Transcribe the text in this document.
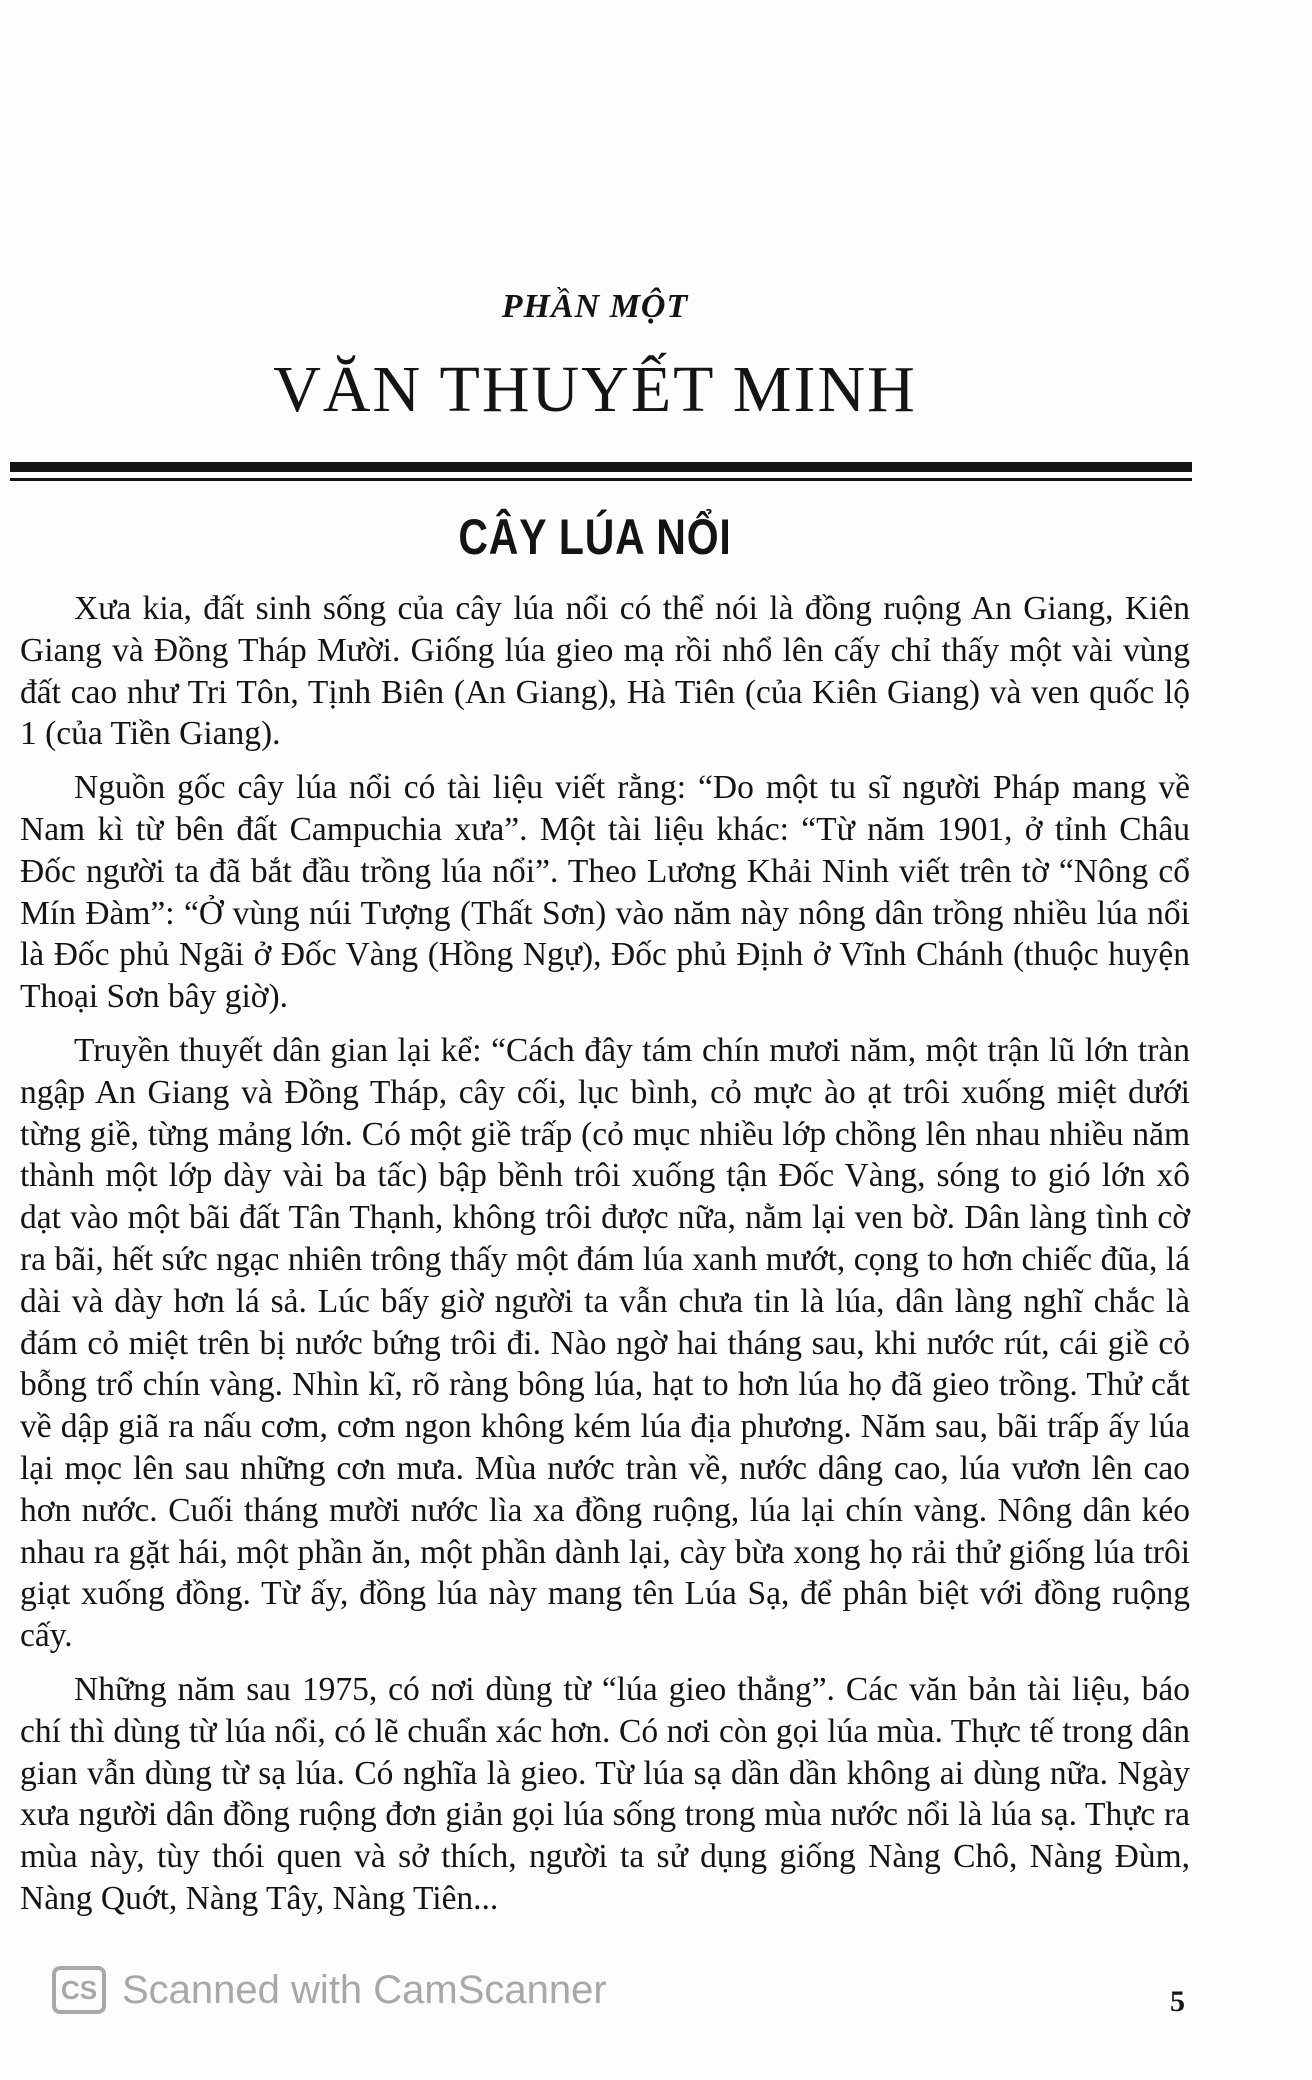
PHẦN MỘT
VĂN THUYẾT MINH
CÂY LÚA NỔI

Xưa kia, đất sinh sống của cây lúa nổi có thể nói là đồng ruộng An Giang, Kiên Giang và Đồng Tháp Mười. Giống lúa gieo mạ rồi nhổ lên cấy chỉ thấy một vài vùng đất cao như Tri Tôn, Tịnh Biên (An Giang), Hà Tiên (của Kiên Giang) và ven quốc lộ 1 (của Tiền Giang).

Nguồn gốc cây lúa nổi có tài liệu viết rằng: “Do một tu sĩ người Pháp mang về Nam kì từ bên đất Campuchia xưa”. Một tài liệu khác: “Từ năm 1901, ở tỉnh Châu Đốc người ta đã bắt đầu trồng lúa nổi”. Theo Lương Khải Ninh viết trên tờ “Nông cổ Mín Đàm”: “Ở vùng núi Tượng (Thất Sơn) vào năm này nông dân trồng nhiều lúa nổi là Đốc phủ Ngãi ở Đốc Vàng (Hồng Ngự), Đốc phủ Định ở Vĩnh Chánh (thuộc huyện Thoại Sơn bây giờ).

Truyền thuyết dân gian lại kể: “Cách đây tám chín mươi năm, một trận lũ lớn tràn ngập An Giang và Đồng Tháp, cây cối, lục bình, cỏ mực ào ạt trôi xuống miệt dưới từng giề, từng mảng lớn. Có một giề trấp (cỏ mục nhiều lớp chồng lên nhau nhiều năm thành một lớp dày vài ba tấc) bập bềnh trôi xuống tận Đốc Vàng, sóng to gió lớn xô dạt vào một bãi đất Tân Thạnh, không trôi được nữa, nằm lại ven bờ. Dân làng tình cờ ra bãi, hết sức ngạc nhiên trông thấy một đám lúa xanh mướt, cọng to hơn chiếc đũa, lá dài và dày hơn lá sả. Lúc bấy giờ người ta vẫn chưa tin là lúa, dân làng nghĩ chắc là đám cỏ miệt trên bị nước bứng trôi đi. Nào ngờ hai tháng sau, khi nước rút, cái giề cỏ bỗng trổ chín vàng. Nhìn kĩ, rõ ràng bông lúa, hạt to hơn lúa họ đã gieo trồng. Thử cắt về dập giã ra nấu cơm, cơm ngon không kém lúa địa phương. Năm sau, bãi trấp ấy lúa lại mọc lên sau những cơn mưa. Mùa nước tràn về, nước dâng cao, lúa vươn lên cao hơn nước. Cuối tháng mười nước lìa xa đồng ruộng, lúa lại chín vàng. Nông dân kéo nhau ra gặt hái, một phần ăn, một phần dành lại, cày bừa xong họ rải thử giống lúa trôi giạt xuống đồng. Từ ấy, đồng lúa này mang tên Lúa Sạ, để phân biệt với đồng ruộng cấy.

Những năm sau 1975, có nơi dùng từ “lúa gieo thẳng”. Các văn bản tài liệu, báo chí thì dùng từ lúa nổi, có lẽ chuẩn xác hơn. Có nơi còn gọi lúa mùa. Thực tế trong dân gian vẫn dùng từ sạ lúa. Có nghĩa là gieo. Từ lúa sạ dần dần không ai dùng nữa. Ngày xưa người dân đồng ruộng đơn giản gọi lúa sống trong mùa nước nổi là lúa sạ. Thực ra mùa này, tùy thói quen và sở thích, người ta sử dụng giống Nàng Chô, Nàng Đùm, Nàng Quớt, Nàng Tây, Nàng Tiên...

CS Scanned with CamScanner	5
